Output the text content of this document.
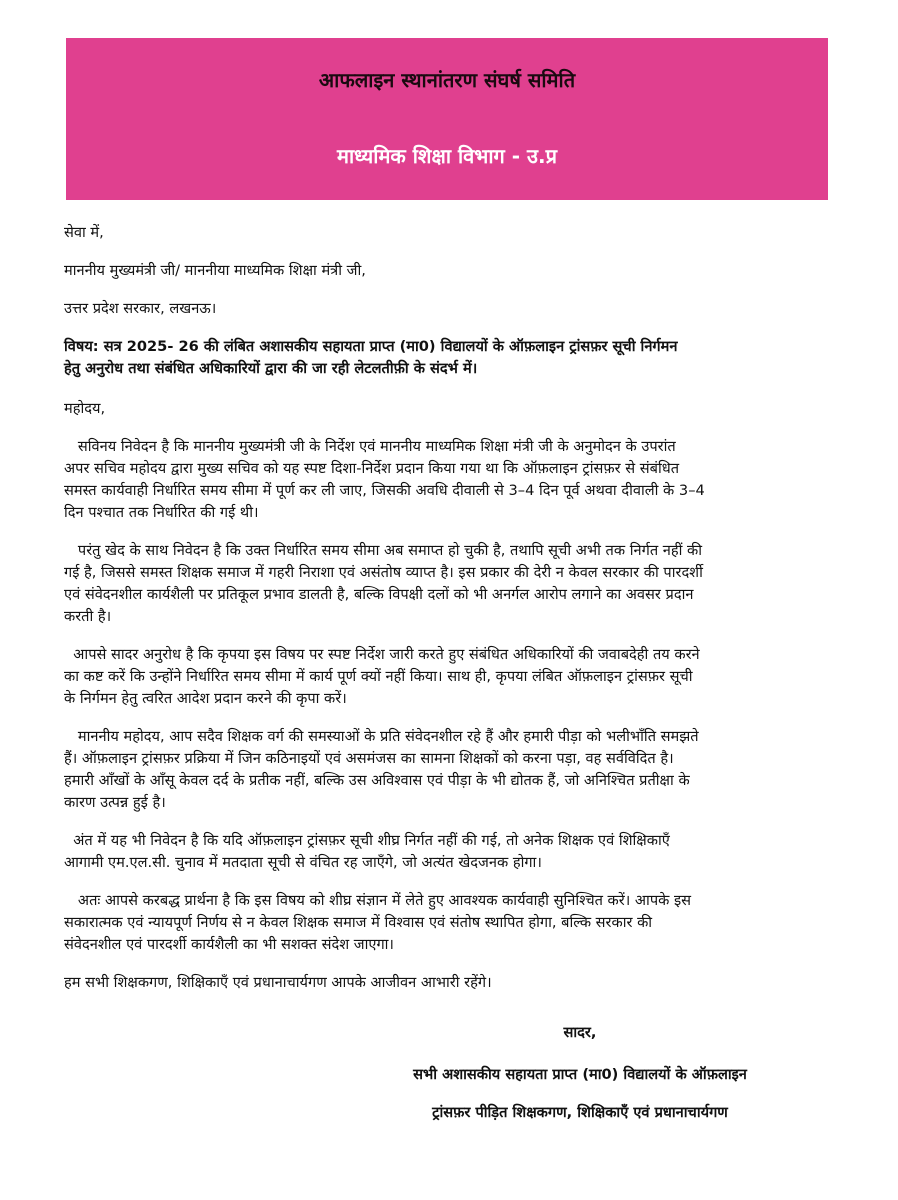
आफलाइन स्थानांतरण संघर्ष समिति
माध्यमिक शिक्षा विभाग - उ.प्र

सेवा में,

माननीय मुख्यमंत्री जी/ माननीया माध्यमिक शिक्षा मंत्री जी,

उत्तर प्रदेश सरकार, लखनऊ।

विषय: सत्र 2025- 26 की लंबित अशासकीय सहायता प्राप्त (मा0) विद्यालयों के ऑफ़लाइन ट्रांसफ़र सूची निर्गमन

हेतु अनुरोध तथा संबंधित अधिकारियों द्वारा की जा रही लेटलतीफ़ी के संदर्भ में।

महोदय,

सविनय निवेदन है कि माननीय मुख्यमंत्री जी के निर्देश एवं माननीय माध्यमिक शिक्षा मंत्री जी के अनुमोदन के उपरांत

अपर सचिव महोदय द्वारा मुख्य सचिव को यह स्पष्ट दिशा-निर्देश प्रदान किया गया था कि ऑफ़लाइन ट्रांसफ़र से संबंधित

समस्त कार्यवाही निर्धारित समय सीमा में पूर्ण कर ली जाए, जिसकी अवधि दीवाली से 3–4 दिन पूर्व अथवा दीवाली के 3–4

दिन पश्चात तक निर्धारित की गई थी।

परंतु खेद के साथ निवेदन है कि उक्त निर्धारित समय सीमा अब समाप्त हो चुकी है, तथापि सूची अभी तक निर्गत नहीं की

गई है, जिससे समस्त शिक्षक समाज में गहरी निराशा एवं असंतोष व्याप्त है। इस प्रकार की देरी न केवल सरकार की पारदर्शी

एवं संवेदनशील कार्यशैली पर प्रतिकूल प्रभाव डालती है, बल्कि विपक्षी दलों को भी अनर्गल आरोप लगाने का अवसर प्रदान

करती है।

आपसे सादर अनुरोध है कि कृपया इस विषय पर स्पष्ट निर्देश जारी करते हुए संबंधित अधिकारियों की जवाबदेही तय करने

का कष्ट करें कि उन्होंने निर्धारित समय सीमा में कार्य पूर्ण क्यों नहीं किया। साथ ही, कृपया लंबित ऑफ़लाइन ट्रांसफ़र सूची

के निर्गमन हेतु त्वरित आदेश प्रदान करने की कृपा करें।

माननीय महोदय, आप सदैव शिक्षक वर्ग की समस्याओं के प्रति संवेदनशील रहे हैं और हमारी पीड़ा को भलीभाँति समझते

हैं। ऑफ़लाइन ट्रांसफ़र प्रक्रिया में जिन कठिनाइयों एवं असमंजस का सामना शिक्षकों को करना पड़ा, वह सर्वविदित है।

हमारी आँखों के आँसू केवल दर्द के प्रतीक नहीं, बल्कि उस अविश्वास एवं पीड़ा के भी द्योतक हैं, जो अनिश्चित प्रतीक्षा के

कारण उत्पन्न हुई है।

अंत में यह भी निवेदन है कि यदि ऑफ़लाइन ट्रांसफ़र सूची शीघ्र निर्गत नहीं की गई, तो अनेक शिक्षक एवं शिक्षिकाएँ

आगामी एम.एल.सी. चुनाव में मतदाता सूची से वंचित रह जाएँगे, जो अत्यंत खेदजनक होगा।

अतः आपसे करबद्ध प्रार्थना है कि इस विषय को शीघ्र संज्ञान में लेते हुए आवश्यक कार्यवाही सुनिश्चित करें। आपके इस

सकारात्मक एवं न्यायपूर्ण निर्णय से न केवल शिक्षक समाज में विश्वास एवं संतोष स्थापित होगा, बल्कि सरकार की

संवेदनशील एवं पारदर्शी कार्यशैली का भी सशक्त संदेश जाएगा।

हम सभी शिक्षकगण, शिक्षिकाएँ एवं प्रधानाचार्यगण आपके आजीवन आभारी रहेंगे।

सादर,
सभी अशासकीय सहायता प्राप्त (मा0) विद्यालयों के ऑफ़लाइन
ट्रांसफ़र पीड़ित शिक्षकगण, शिक्षिकाएँ एवं प्रधानाचार्यगण
